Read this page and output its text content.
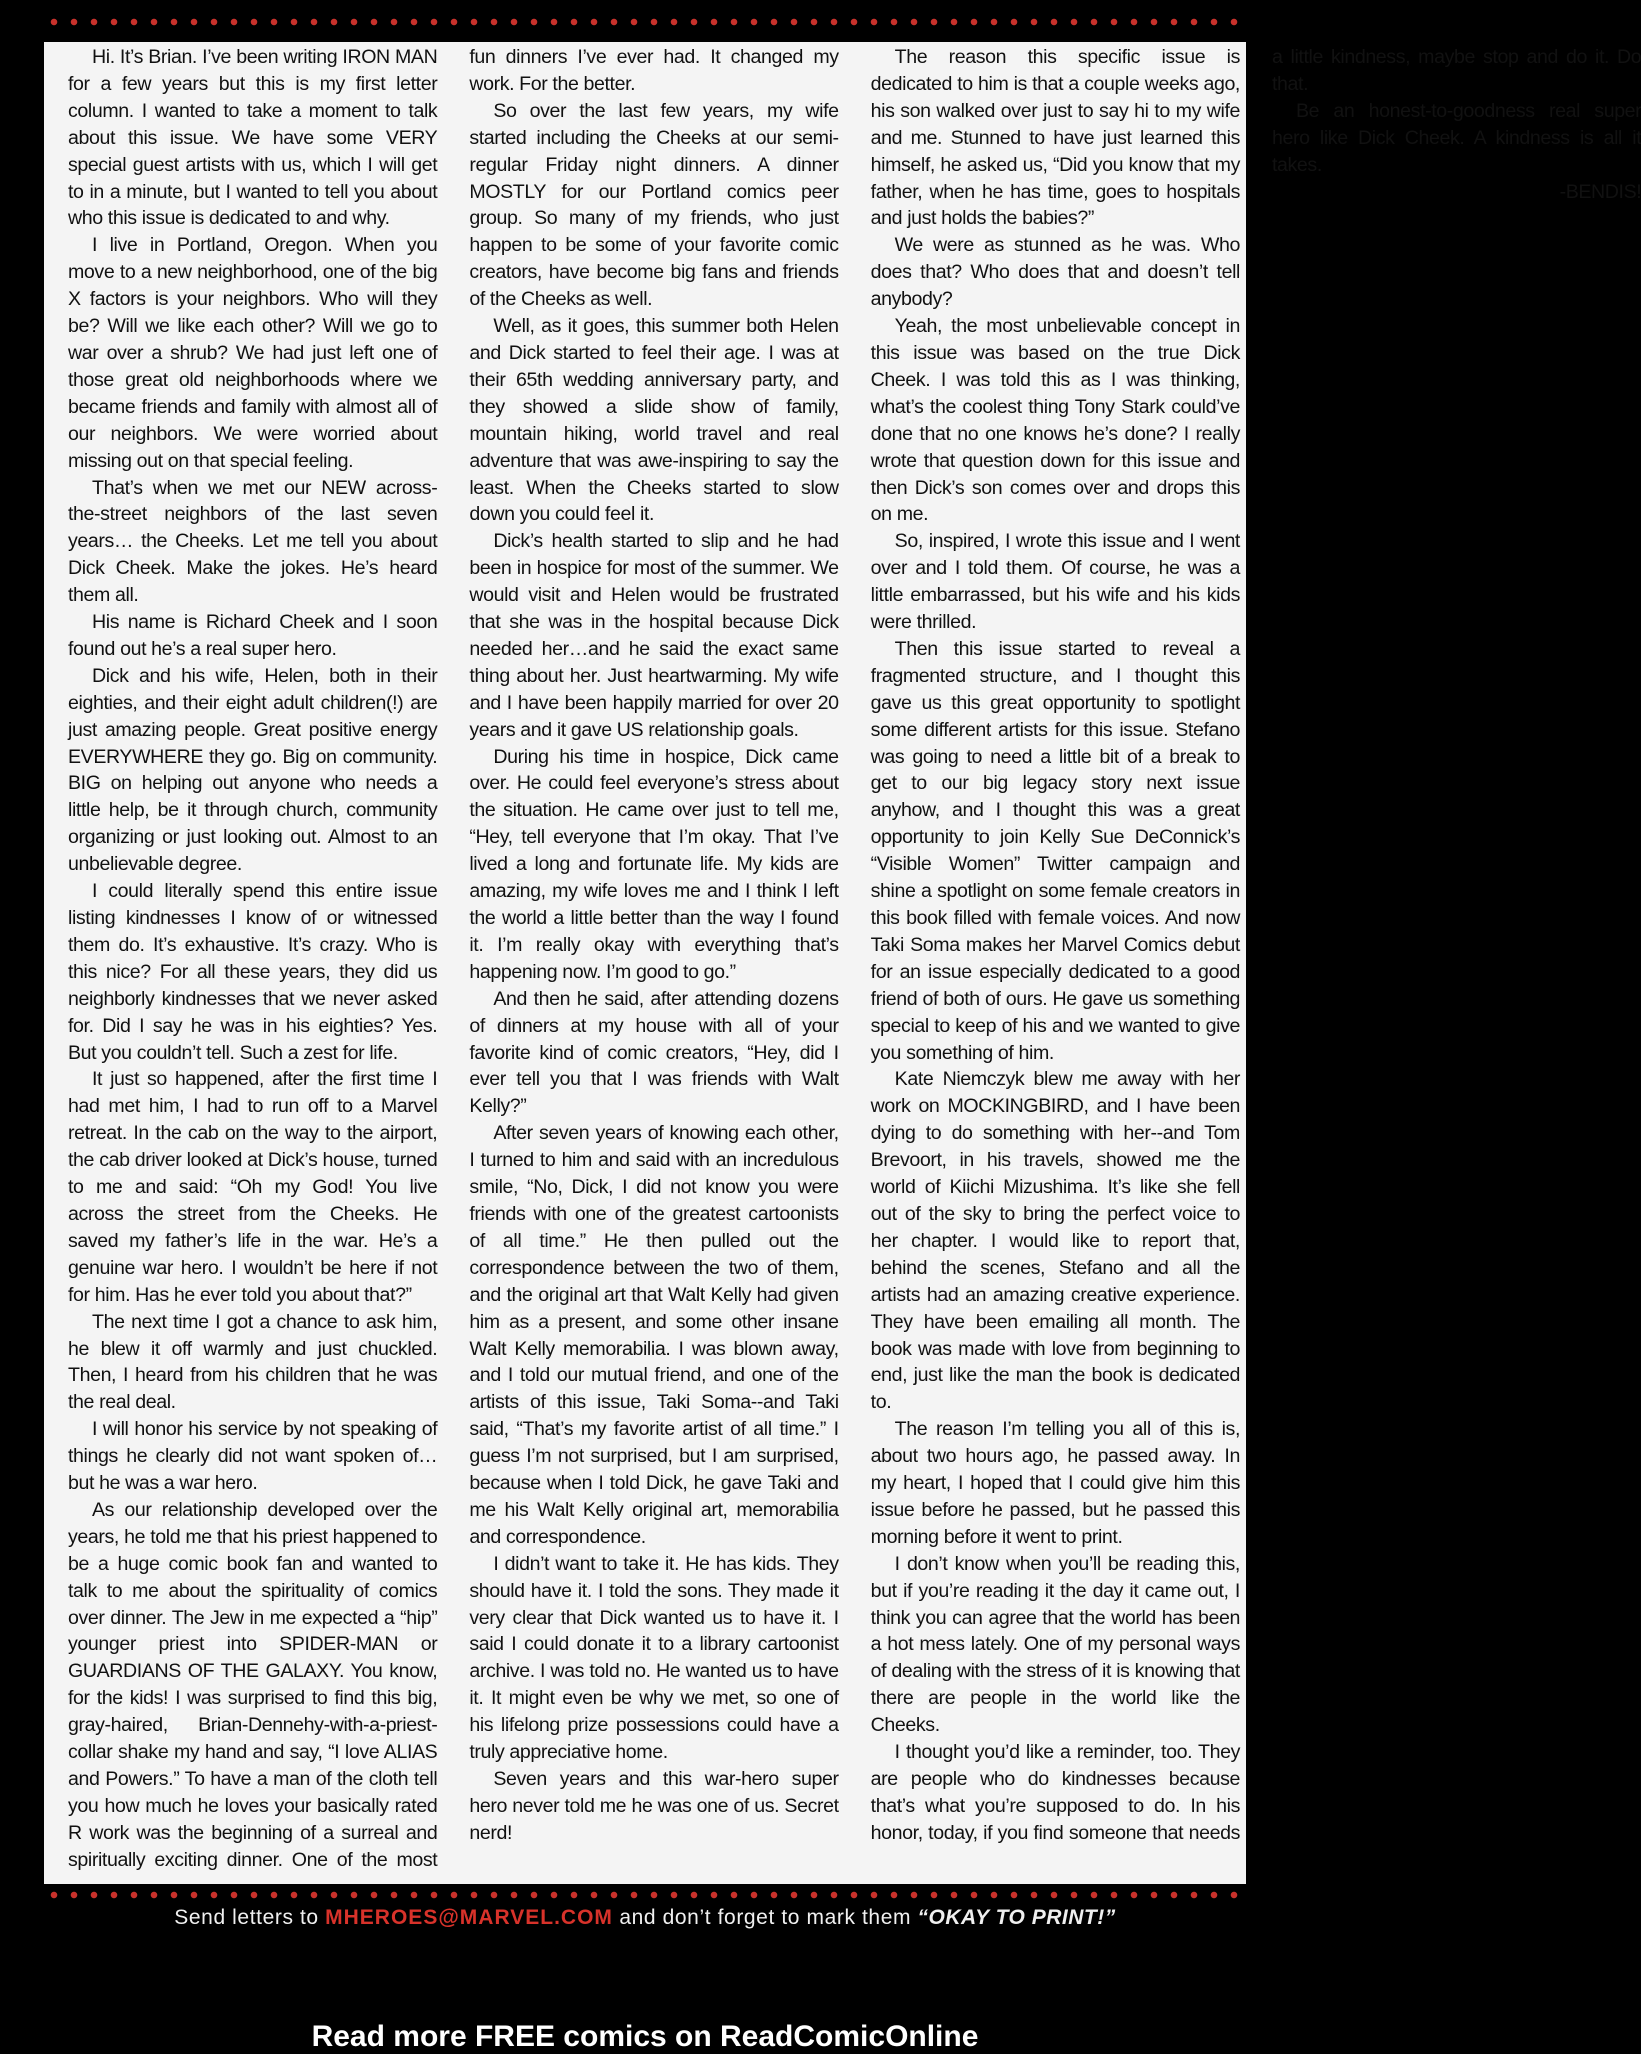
Hi. It’s Brian. I’ve been writing IRON MAN for a few years but this is my first letter column. I wanted to take a moment to talk about this issue. We have some VERY special guest artists with us, which I will get to in a minute, but I wanted to tell you about who this issue is dedicated to and why.

I live in Portland, Oregon. When you move to a new neighborhood, one of the big X factors is your neighbors. Who will they be? Will we like each other? Will we go to war over a shrub? We had just left one of those great old neighborhoods where we became friends and family with almost all of our neighbors. We were worried about missing out on that special feeling.

That’s when we met our NEW across-the-street neighbors of the last seven years… the Cheeks. Let me tell you about Dick Cheek. Make the jokes. He’s heard them all.

His name is Richard Cheek and I soon found out he’s a real super hero.

Dick and his wife, Helen, both in their eighties, and their eight adult children(!) are just amazing people. Great positive energy EVERYWHERE they go. Big on community. BIG on helping out anyone who needs a little help, be it through church, community organizing or just looking out. Almost to an unbelievable degree.

I could literally spend this entire issue listing kindnesses I know of or witnessed them do. It’s exhaustive. It’s crazy. Who is this nice? For all these years, they did us neighborly kindnesses that we never asked for. Did I say he was in his eighties? Yes. But you couldn’t tell. Such a zest for life.

It just so happened, after the first time I had met him, I had to run off to a Marvel retreat. In the cab on the way to the airport, the cab driver looked at Dick’s house, turned to me and said: “Oh my God! You live across the street from the Cheeks. He saved my father’s life in the war. He’s a genuine war hero. I wouldn’t be here if not for him. Has he ever told you about that?”

The next time I got a chance to ask him, he blew it off warmly and just chuckled. Then, I heard from his children that he was the real deal.

I will honor his service by not speaking of things he clearly did not want spoken of…but he was a war hero.

As our relationship developed over the years, he told me that his priest happened to be a huge comic book fan and wanted to talk to me about the spirituality of comics over dinner. The Jew in me expected a “hip” younger priest into SPIDER-MAN or GUARDIANS OF THE GALAXY. You know, for the kids! I was surprised to find this big, gray-haired, Brian-Dennehy-with-a-priest-collar shake my hand and say, “I love ALIAS and Powers.” To have a man of the cloth tell you how much he loves your basically rated R work was the beginning of a surreal and spiritually exciting dinner. One of the most fun dinners I’ve ever had. It changed my work. For the better.

So over the last few years, my wife started including the Cheeks at our semi-regular Friday night dinners. A dinner MOSTLY for our Portland comics peer group. So many of my friends, who just happen to be some of your favorite comic creators, have become big fans and friends of the Cheeks as well.

Well, as it goes, this summer both Helen and Dick started to feel their age. I was at their 65th wedding anniversary party, and they showed a slide show of family, mountain hiking, world travel and real adventure that was awe-inspiring to say the least. When the Cheeks started to slow down you could feel it.

Dick’s health started to slip and he had been in hospice for most of the summer. We would visit and Helen would be frustrated that she was in the hospital because Dick needed her…and he said the exact same thing about her. Just heartwarming. My wife and I have been happily married for over 20 years and it gave US relationship goals.

During his time in hospice, Dick came over. He could feel everyone’s stress about the situation. He came over just to tell me, “Hey, tell everyone that I’m okay. That I’ve lived a long and fortunate life. My kids are amazing, my wife loves me and I think I left the world a little better than the way I found it. I’m really okay with everything that’s happening now. I’m good to go.”

And then he said, after attending dozens of dinners at my house with all of your favorite kind of comic creators, “Hey, did I ever tell you that I was friends with Walt Kelly?”

After seven years of knowing each other, I turned to him and said with an incredulous smile, “No, Dick, I did not know you were friends with one of the greatest cartoonists of all time.” He then pulled out the correspondence between the two of them, and the original art that Walt Kelly had given him as a present, and some other insane Walt Kelly memorabilia. I was blown away, and I told our mutual friend, and one of the artists of this issue, Taki Soma--and Taki said, “That’s my favorite artist of all time.” I guess I’m not surprised, but I am surprised, because when I told Dick, he gave Taki and me his Walt Kelly original art, memorabilia and correspondence.

I didn’t want to take it. He has kids. They should have it. I told the sons. They made it very clear that Dick wanted us to have it. I said I could donate it to a library cartoonist archive. I was told no. He wanted us to have it. It might even be why we met, so one of his lifelong prize possessions could have a truly appreciative home.

Seven years and this war-hero super hero never told me he was one of us. Secret nerd!

The reason this specific issue is dedicated to him is that a couple weeks ago, his son walked over just to say hi to my wife and me. Stunned to have just learned this himself, he asked us, “Did you know that my father, when he has time, goes to hospitals and just holds the babies?”

We were as stunned as he was. Who does that? Who does that and doesn’t tell anybody?

Yeah, the most unbelievable concept in this issue was based on the true Dick Cheek. I was told this as I was thinking, what’s the coolest thing Tony Stark could’ve done that no one knows he’s done? I really wrote that question down for this issue and then Dick’s son comes over and drops this on me.

So, inspired, I wrote this issue and I went over and I told them. Of course, he was a little embarrassed, but his wife and his kids were thrilled.

Then this issue started to reveal a fragmented structure, and I thought this gave us this great opportunity to spotlight some different artists for this issue. Stefano was going to need a little bit of a break to get to our big legacy story next issue anyhow, and I thought this was a great opportunity to join Kelly Sue DeConnick’s “Visible Women” Twitter campaign and shine a spotlight on some female creators in this book filled with female voices. And now Taki Soma makes her Marvel Comics debut for an issue especially dedicated to a good friend of both of ours. He gave us something special to keep of his and we wanted to give you something of him.

Kate Niemczyk blew me away with her work on MOCKINGBIRD, and I have been dying to do something with her--and Tom Brevoort, in his travels, showed me the world of Kiichi Mizushima. It’s like she fell out of the sky to bring the perfect voice to her chapter. I would like to report that, behind the scenes, Stefano and all the artists had an amazing creative experience. They have been emailing all month. The book was made with love from beginning to end, just like the man the book is dedicated to.

The reason I’m telling you all of this is, about two hours ago, he passed away. In my heart, I hoped that I could give him this issue before he passed, but he passed this morning before it went to print.

I don’t know when you’ll be reading this, but if you’re reading it the day it came out, I think you can agree that the world has been a hot mess lately. One of my personal ways of dealing with the stress of it is knowing that there are people in the world like the Cheeks.

I thought you’d like a reminder, too. They are people who do kindnesses because that’s what you’re supposed to do. In his honor, today, if you find someone that needs a little kindness, maybe stop and do it. Do that.

Be an honest-to-goodness real super hero like Dick Cheek. A kindness is all it takes.

-BENDIS!

Send letters to MHEROES@MARVEL.COM and don’t forget to mark them “OKAY TO PRINT!”
Read more FREE comics on ReadComicOnline
